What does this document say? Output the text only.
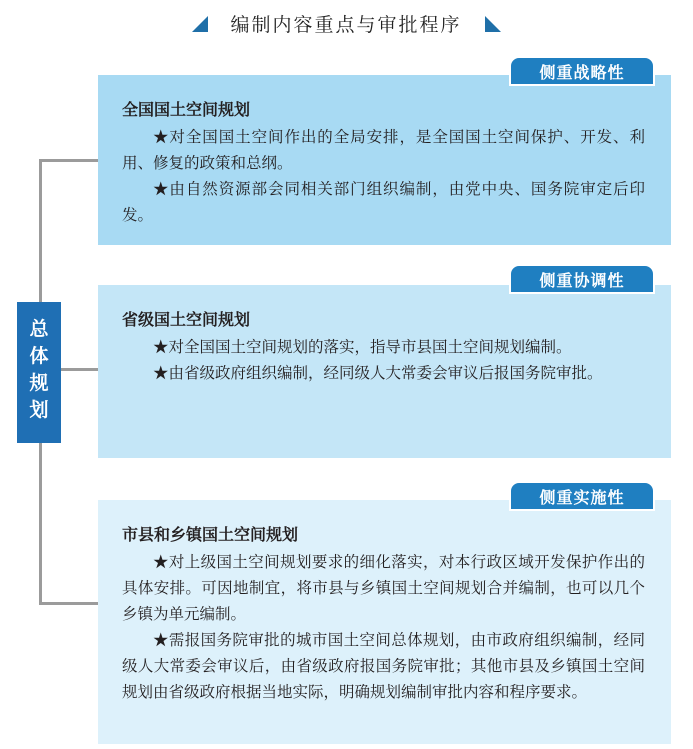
编制内容重点与审批程序
总
体
规
划
全国国土空间规划

★对全国国土空间作出的全局安排，是全国国土空间保护、开发、利用、修复的政策和总纲。

★由自然资源部会同相关部门组织编制，由党中央、国务院审定后印发。

侧重战略性
省级国土空间规划

★对全国国土空间规划的落实，指导市县国土空间规划编制。

★由省级政府组织编制，经同级人大常委会审议后报国务院审批。

侧重协调性
市县和乡镇国土空间规划

★对上级国土空间规划要求的细化落实，对本行政区域开发保护作出的具体安排。可因地制宜，将市县与乡镇国土空间规划合并编制，也可以几个乡镇为单元编制。

★需报国务院审批的城市国土空间总体规划，由市政府组织编制，经同级人大常委会审议后，由省级政府报国务院审批；其他市县及乡镇国土空间规划由省级政府根据当地实际，明确规划编制审批内容和程序要求。

侧重实施性
